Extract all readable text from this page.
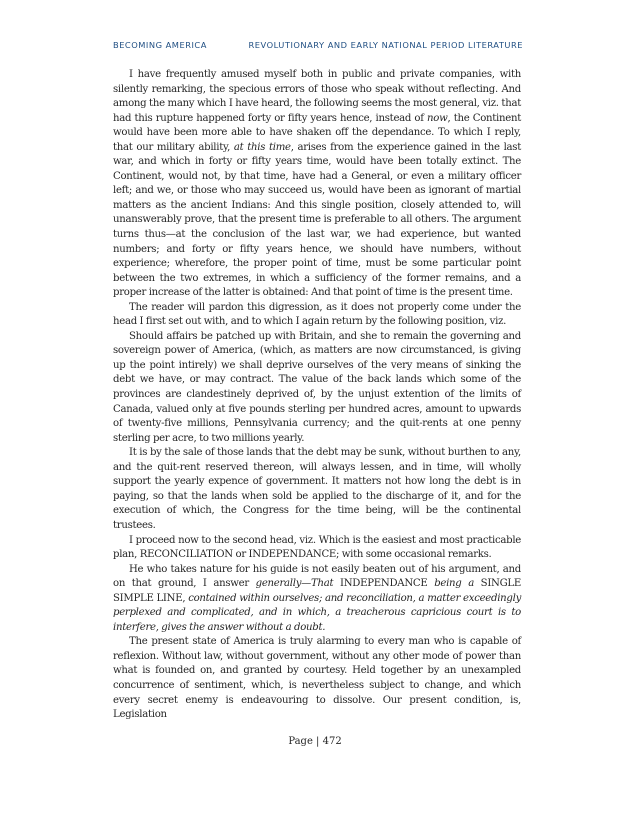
BECOMING AMERICA	REVOLUTIONARY AND EARLY NATIONAL PERIOD LITERATURE

I have frequently amused myself both in public and private companies, with silently remarking, the specious errors of those who speak without reflecting. And among the many which I have heard, the following seems the most general, viz. that had this rupture happened forty or fifty years hence, instead of now, the Continent would have been more able to have shaken off the dependance. To which I reply, that our military ability, at this time, arises from the experience gained in the last war, and which in forty or fifty years time, would have been totally extinct. The Continent, would not, by that time, have had a General, or even a military officer left; and we, or those who may succeed us, would have been as ignorant of martial matters as the ancient Indians: And this single position, closely attended to, will unanswerably prove, that the present time is preferable to all others. The argument turns thus—at the conclusion of the last war, we had experience, but wanted numbers; and forty or fifty years hence, we should have numbers, without experience; wherefore, the proper point of time, must be some particular point between the two extremes, in which a sufficiency of the former remains, and a proper increase of the latter is obtained: And that point of time is the present time.

The reader will pardon this digression, as it does not properly come under the head I first set out with, and to which I again return by the following position, viz.

Should affairs be patched up with Britain, and she to remain the governing and sovereign power of America, (which, as matters are now circumstanced, is giving up the point intirely) we shall deprive ourselves of the very means of sinking the debt we have, or may contract. The value of the back lands which some of the provinces are clandestinely deprived of, by the unjust extention of the limits of Canada, valued only at five pounds sterling per hundred acres, amount to upwards of twenty-five millions, Pennsylvania currency; and the quit-rents at one penny sterling per acre, to two millions yearly.

It is by the sale of those lands that the debt may be sunk, without burthen to any, and the quit-rent reserved thereon, will always lessen, and in time, will wholly support the yearly expence of government. It matters not how long the debt is in paying, so that the lands when sold be applied to the discharge of it, and for the execution of which, the Congress for the time being, will be the continental trustees.

I proceed now to the second head, viz. Which is the easiest and most practicable plan, RECONCILIATION or INDEPENDANCE; with some occasional remarks.

He who takes nature for his guide is not easily beaten out of his argument, and on that ground, I answer generally—That INDEPENDANCE being a SINGLE SIMPLE LINE, contained within ourselves; and reconciliation, a matter exceedingly perplexed and complicated, and in which, a treacherous capricious court is to interfere, gives the answer without a doubt.

The present state of America is truly alarming to every man who is capable of reflexion. Without law, without government, without any other mode of power than what is founded on, and granted by courtesy. Held together by an unexampled concurrence of sentiment, which, is nevertheless subject to change, and which every secret enemy is endeavouring to dissolve. Our present condition, is, Legislation

Page | 472
